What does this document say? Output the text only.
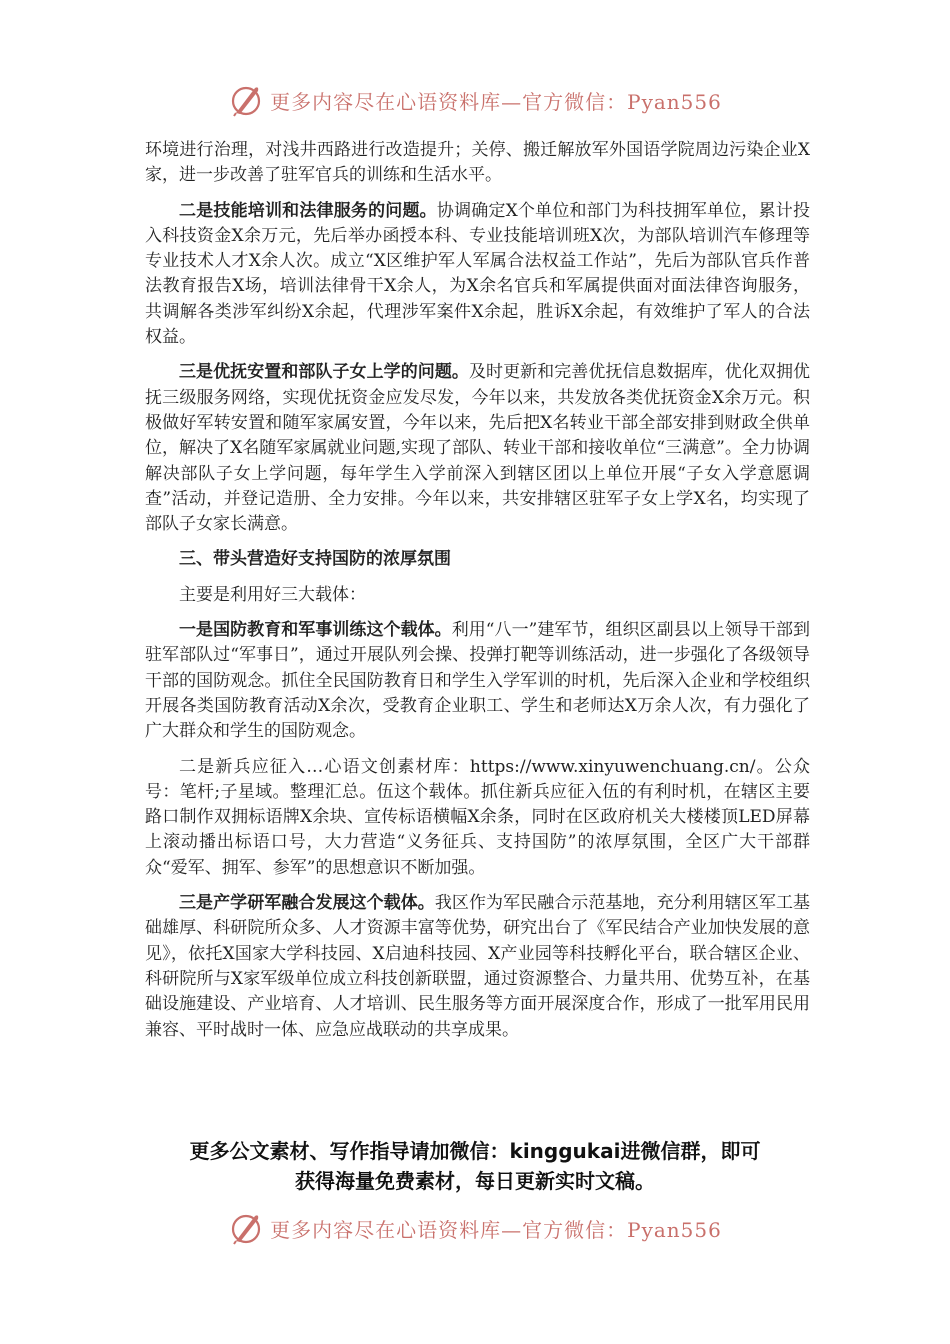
更多内容尽在心语资料库—官方微信：Pyan556

环境进行治理，对浅井西路进行改造提升；关停、搬迁解放军外国语学院周边污染企业X家，进一步改善了驻军官兵的训练和生活水平。

二是技能培训和法律服务的问题。协调确定X个单位和部门为科技拥军单位，累计投入科技资金X余万元，先后举办函授本科、专业技能培训班X次，为部队培训汽车修理等专业技术人才X余人次。成立“X区维护军人军属合法权益工作站”，先后为部队官兵作普法教育报告X场，培训法律骨干X余人，为X余名官兵和军属提供面对面法律咨询服务，共调解各类涉军纠纷X余起，代理涉军案件X余起，胜诉X余起，有效维护了军人的合法权益。

三是优抚安置和部队子女上学的问题。及时更新和完善优抚信息数据库，优化双拥优抚三级服务网络，实现优抚资金应发尽发，今年以来，共发放各类优抚资金X余万元。积极做好军转安置和随军家属安置，今年以来，先后把X名转业干部全部安排到财政全供单位，解决了X名随军家属就业问题,实现了部队、转业干部和接收单位“三满意”。全力协调解决部队子女上学问题，每年学生入学前深入到辖区团以上单位开展“子女入学意愿调查”活动，并登记造册、全力安排。今年以来，共安排辖区驻军子女上学X名，均实现了部队子女家长满意。

三、带头营造好支持国防的浓厚氛围

主要是利用好三大载体：

一是国防教育和军事训练这个载体。利用“八一”建军节，组织区副县以上领导干部到驻军部队过“军事日”，通过开展队列会操、投弹打靶等训练活动，进一步强化了各级领导干部的国防观念。抓住全民国防教育日和学生入学军训的时机，先后深入企业和学校组织开展各类国防教育活动X余次，受教育企业职工、学生和老师达X万余人次，有力强化了广大群众和学生的国防观念。

二是新兵应征入…心语文创素材库：https://www.xinyuwenchuang.cn/。公众号：笔杆;子星域。整理汇总。伍这个载体。抓住新兵应征入伍的有利时机，在辖区主要路口制作双拥标语牌X余块、宣传标语横幅X余条，同时在区政府机关大楼楼顶LED屏幕上滚动播出标语口号，大力营造“义务征兵、支持国防”的浓厚氛围，全区广大干部群众“爱军、拥军、参军”的思想意识不断加强。

三是产学研军融合发展这个载体。我区作为军民融合示范基地，充分利用辖区军工基础雄厚、科研院所众多、人才资源丰富等优势，研究出台了《军民结合产业加快发展的意见》，依托X国家大学科技园、X启迪科技园、X产业园等科技孵化平台，联合辖区企业、科研院所与X家军级单位成立科技创新联盟，通过资源整合、力量共用、优势互补，在基础设施建设、产业培育、人才培训、民生服务等方面开展深度合作，形成了一批军用民用兼容、平时战时一体、应急应战联动的共享成果。

更多公文素材、写作指导请加微信：kinggukai进微信群，即可
获得海量免费素材，每日更新实时文稿。
更多内容尽在心语资料库—官方微信：Pyan556
